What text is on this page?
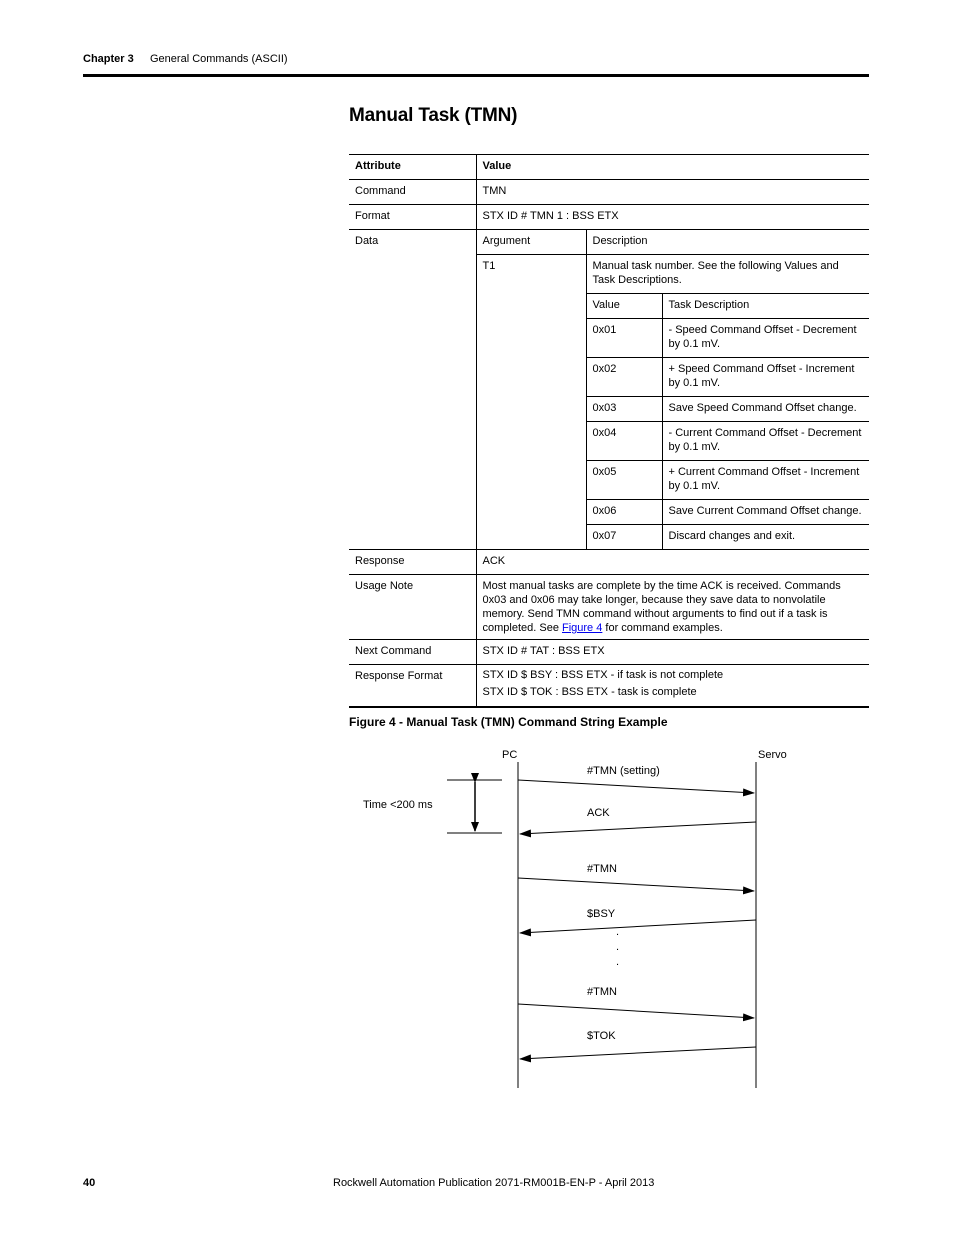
Chapter 3 General Commands (ASCII)
Manual Task (TMN)
Attribute	Value		
Command	TMN		
Format	STX ID # TMN 1 : BSS ETX		
Data	Argument	Description	
	T1	Manual task number. See the following Values and Task Descriptions.	
		Value	Task Description
		0x01	- Speed Command Offset - Decrement by 0.1 mV.
		0x02	+ Speed Command Offset - Increment by 0.1 mV.
		0x03	Save Speed Command Offset change.
		0x04	- Current Command Offset - Decrement by 0.1 mV.
		0x05	+ Current Command Offset - Increment by 0.1 mV.
		0x06	Save Current Command Offset change.
		0x07	Discard changes and exit.
Response	ACK		
Usage Note	Most manual tasks are complete by the time ACK is received. Commands 0x03 and 0x06 may take longer, because they save data to nonvolatile memory. Send TMN command without arguments to find out if a task is completed. See Figure 4 for command examples.		
Next Command	STX ID # TAT : BSS ETX		
Response Format	STX ID $ BSY : BSS ETX - if task is not complete
STX ID $ TOK : BSS ETX - task is complete		
Figure 4 - Manual Task (TMN) Command String Example
PC	Servo
Time <200 ms
#TMN (setting)
ACK
#TMN
$BSY
.
.
.
#TMN
$TOK
40	Rockwell Automation Publication 2071-RM001B-EN-P - April 2013
